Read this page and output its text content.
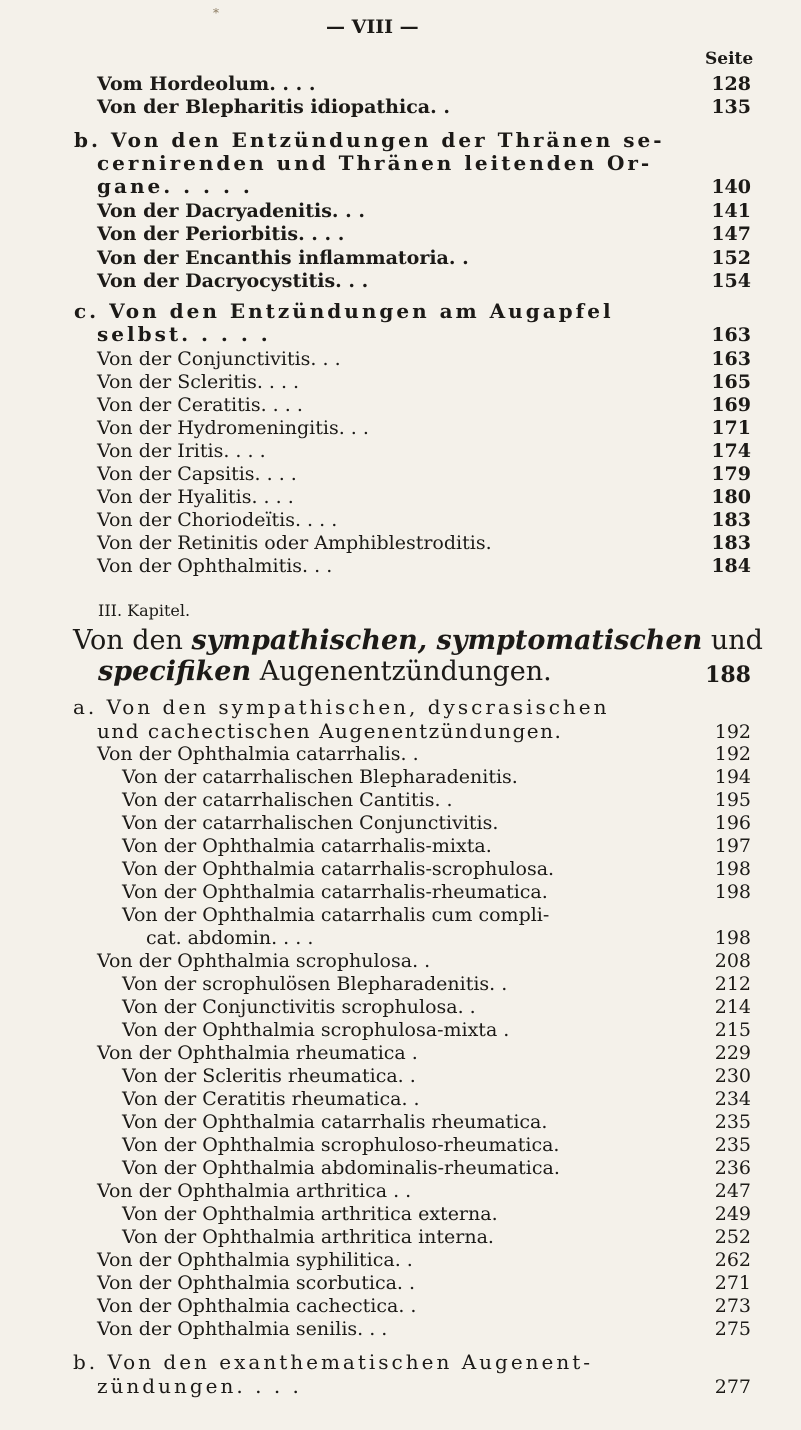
*
— VIII —
Seite
Vom Hordeolum. . . .	128
Von der Blepharitis idiopathica. .	135
b. Von den Entzündungen der Thränen se-
cernirenden und Thränen leitenden Or-
gane. . . . .	140
Von der Dacryadenitis. . .	141
Von der Periorbitis. . . .	147
Von der Encanthis inflammatoria. .	152
Von der Dacryocystitis. . .	154
c. Von den Entzündungen am Augapfel
selbst. . . . .	163
Von der Conjunctivitis. . .	163
Von der Scleritis. . . .	165
Von der Ceratitis. . . .	169
Von der Hydromeningitis. . .	171
Von der Iritis. . . .	174
Von der Capsitis. . . .	179
Von der Hyalitis. . . .	180
Von der Choriodeïtis. . . .	183
Von der Retinitis oder Amphiblestroditis.	183
Von der Ophthalmitis. . .	184
III. Kapitel.
Von den sympathischen, symptomatischen und
specifiken Augenentzündungen.	188
a. Von den sympathischen, dyscrasischen
und cachectischen Augenentzündungen.	192
Von der Ophthalmia catarrhalis. .	192
Von der catarrhalischen Blepharadenitis.	194
Von der catarrhalischen Cantitis. .	195
Von der catarrhalischen Conjunctivitis.	196
Von der Ophthalmia catarrhalis-mixta.	197
Von der Ophthalmia catarrhalis-scrophulosa.	198
Von der Ophthalmia catarrhalis-rheumatica.	198
Von der Ophthalmia catarrhalis cum compli-
cat. abdomin. . . .	198
Von der Ophthalmia scrophulosa. .	208
Von der scrophulösen Blepharadenitis. .	212
Von der Conjunctivitis scrophulosa. .	214
Von der Ophthalmia scrophulosa-mixta .	215
Von der Ophthalmia rheumatica .	229
Von der Scleritis rheumatica. .	230
Von der Ceratitis rheumatica. .	234
Von der Ophthalmia catarrhalis rheumatica.	235
Von der Ophthalmia scrophuloso-rheumatica.	235
Von der Ophthalmia abdominalis-rheumatica.	236
Von der Ophthalmia arthritica . .	247
Von der Ophthalmia arthritica externa.	249
Von der Ophthalmia arthritica interna.	252
Von der Ophthalmia syphilitica. .	262
Von der Ophthalmia scorbutica. .	271
Von der Ophthalmia cachectica. .	273
Von der Ophthalmia senilis. . .	275
b. Von den exanthematischen Augenent-
zündungen. . . .	277
